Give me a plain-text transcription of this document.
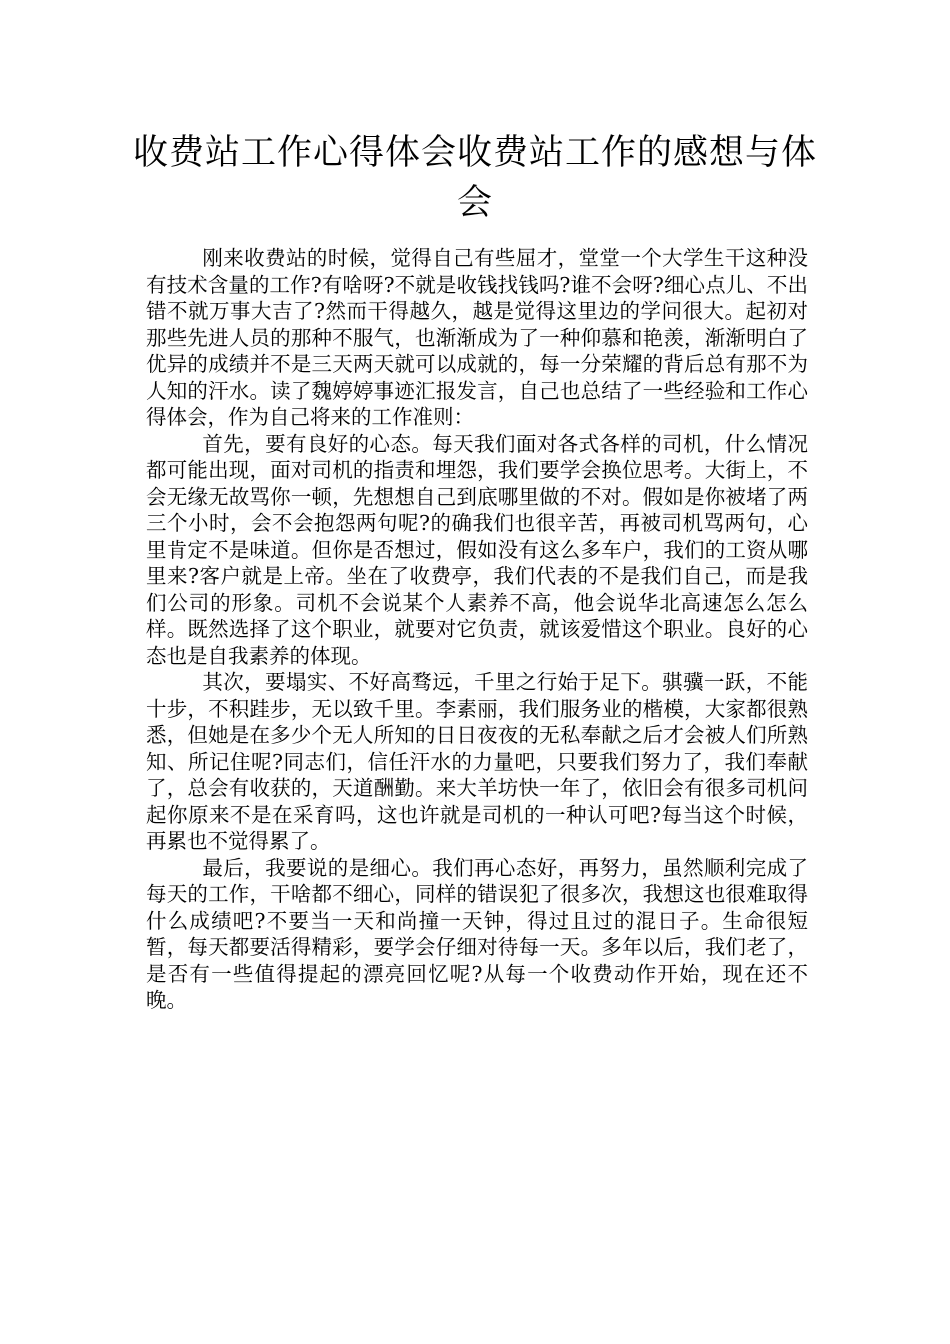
收费站工作心得体会收费站工作的感想与体会

刚来收费站的时候，觉得自己有些屈才，堂堂一个大学生干这种没有技术含量的工作?有啥呀?不就是收钱找钱吗?谁不会呀?细心点儿、不出错不就万事大吉了?然而干得越久，越是觉得这里边的学问很大。起初对那些先进人员的那种不服气，也渐渐成为了一种仰慕和艳羡，渐渐明白了优异的成绩并不是三天两天就可以成就的，每一分荣耀的背后总有那不为人知的汗水。读了魏婷婷事迹汇报发言，自己也总结了一些经验和工作心得体会，作为自己将来的工作准则：

首先，要有良好的心态。每天我们面对各式各样的司机，什么情况都可能出现，面对司机的指责和埋怨，我们要学会换位思考。大街上，不会无缘无故骂你一顿，先想想自己到底哪里做的不对。假如是你被堵了两三个小时，会不会抱怨两句呢?的确我们也很辛苦，再被司机骂两句，心里肯定不是味道。但你是否想过，假如没有这么多车户，我们的工资从哪里来?客户就是上帝。坐在了收费亭，我们代表的不是我们自己，而是我们公司的形象。司机不会说某个人素养不高，他会说华北高速怎么怎么样。既然选择了这个职业，就要对它负责，就该爱惜这个职业。良好的心态也是自我素养的体现。

其次，要塌实、不好高骛远，千里之行始于足下。骐骥一跃，不能十步，不积跬步，无以致千里。李素丽，我们服务业的楷模，大家都很熟悉，但她是在多少个无人所知的日日夜夜的无私奉献之后才会被人们所熟知、所记住呢?同志们，信任汗水的力量吧，只要我们努力了，我们奉献了，总会有收获的，天道酬勤。来大羊坊快一年了，依旧会有很多司机问起你原来不是在采育吗，这也许就是司机的一种认可吧?每当这个时候，再累也不觉得累了。

最后，我要说的是细心。我们再心态好，再努力，虽然顺利完成了每天的工作，干啥都不细心，同样的错误犯了很多次，我想这也很难取得什么成绩吧?不要当一天和尚撞一天钟，得过且过的混日子。生命很短暂，每天都要活得精彩，要学会仔细对待每一天。多年以后，我们老了，是否有一些值得提起的漂亮回忆呢?从每一个收费动作开始，现在还不晚。
